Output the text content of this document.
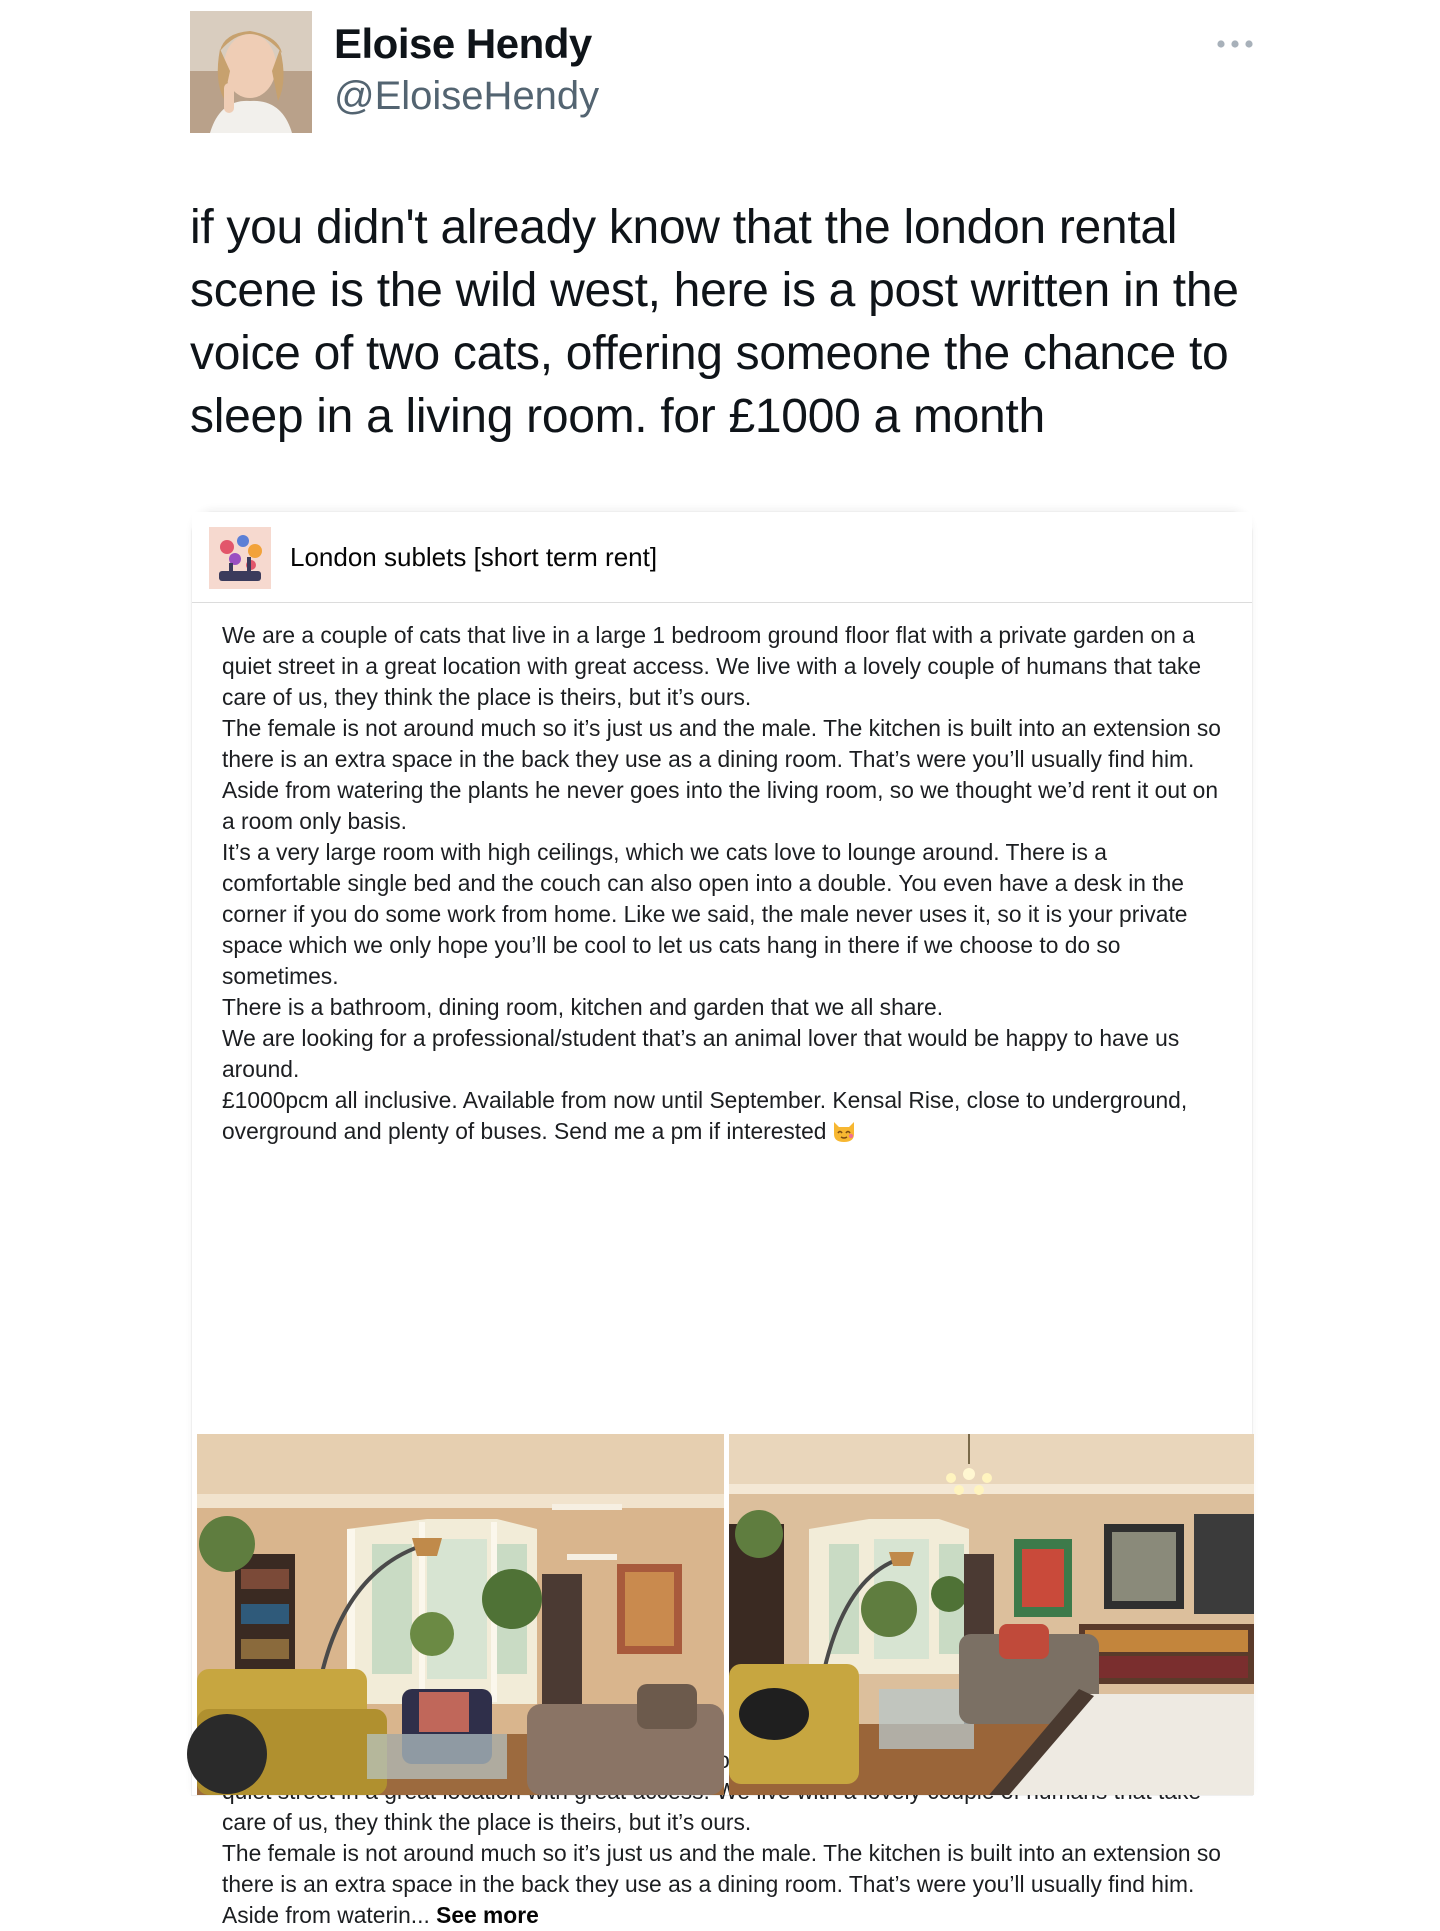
Eloise Hendy
@EloiseHendy
if you didn't already know that the london rental scene is the wild west, here is a post written in the voice of two cats, offering someone the chance to sleep in a living room. for £1000 a month
London sublets [short term rent]

We are a couple of cats that live in a large 1 bedroom ground floor flat with a private garden on a quiet street in a great location with great access. We live with a lovely couple of humans that take care of us, they think the place is theirs, but it’s ours.

The female is not around much so it’s just us and the male. The kitchen is built into an extension so there is an extra space in the back they use as a dining room. That’s were you’ll usually find him. Aside from watering the plants he never goes into the living room, so we thought we’d rent it out on a room only basis.

It’s a very large room with high ceilings, which we cats love to lounge around. There is a comfortable single bed and the couch can also open into a double. You even have a desk in the corner if you do some work from home. Like we said, the male never uses it, so it is your private space which we only hope you’ll be cool to let us cats hang in there if we choose to do so sometimes.

There is a bathroom, dining room, kitchen and garden that we all share.

We are looking for a professional/student that’s an animal lover that would be happy to have us around.

£1000pcm all inclusive. Available from now until September. Kensal Rise, close to underground, overground and plenty of buses. Send me a pm if interested

care of us, they think the place is theirs, but it’s ours.

The female is not around much so it’s just us and the male. The kitchen is built into an extension so there is an extra space in the back they use as a dining room. That’s were you’ll usually find him. Aside from waterin... See more
